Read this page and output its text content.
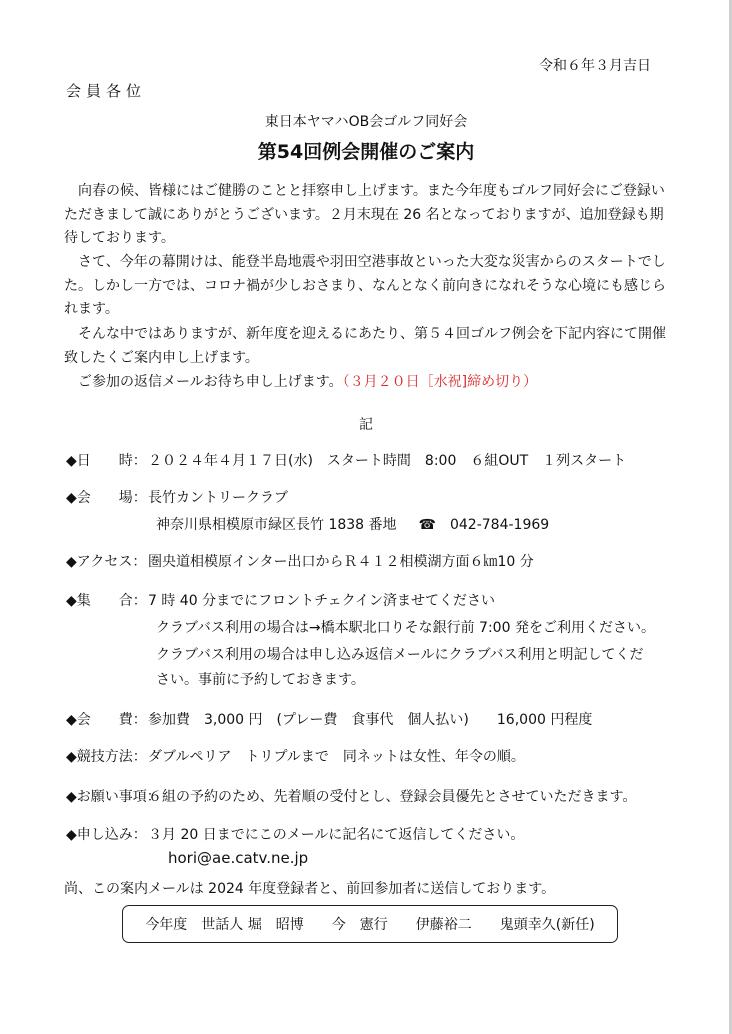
令和６年３月吉日
会員各位
東日本ヤマハOB会ゴルフ同好会
第54回例会開催のご案内
　向春の候、皆様にはご健勝のことと拝察申し上げます。また今年度もゴルフ同好会にご登録いただきまして誠にありがとうございます。２月末現在 26 名となっておりますが、追加登録も期待しております。
　さて、今年の幕開けは、能登半島地震や羽田空港事故といった大変な災害からのスタートでした。しかし一方では、コロナ禍が少しおさまり、なんとなく前向きになれそうな心境にも感じられます。
　そんな中ではありますが、新年度を迎えるにあたり、第５４回ゴルフ例会を下記内容にて開催致したくご案内申し上げます。
　ご参加の返信メールお待ち申し上げます。（３月２０日［水祝]締め切り）
記
◆日　　時：２０２４年４月１７日(水)　スタート時間　8:00　６組OUT　１列スタート
◆会　　場：長竹カントリークラブ
神奈川県相模原市緑区長竹 1838 番地 ☎ 042-784-1969
◆アクセス： 圏央道相模原インター出口からＲ４１２相模湖方面６㎞10 分
◆集　　合：7 時 40 分までにフロントチェクイン済ませてください
クラブバス利用の場合は→橋本駅北口りそな銀行前 7:00 発をご利用ください。
クラブバス利用の場合は申し込み返信メールにクラブバス利用と明記してくだ
さい。事前に予約しておきます。
◆会　　費：参加費　3,000 円　(プレー費　食事代　個人払い)　　16,000 円程度
◆競技方法：ダブルペリア　トリプルまで　同ネットは女性、年令の順。
◆お願い事項：６組の予約のため、先着順の受付とし、登録会員優先とさせていただきます。
◆申し込み：３月 20 日までにこのメールに記名にて返信してください。
hori@ae.catv.ne.jp
尚、この案内メールは 2024 年度登録者と、前回参加者に送信しております。
今年度　世話人 堀　昭博　　今　憲行　　伊藤裕二　　鬼頭幸久(新任)
